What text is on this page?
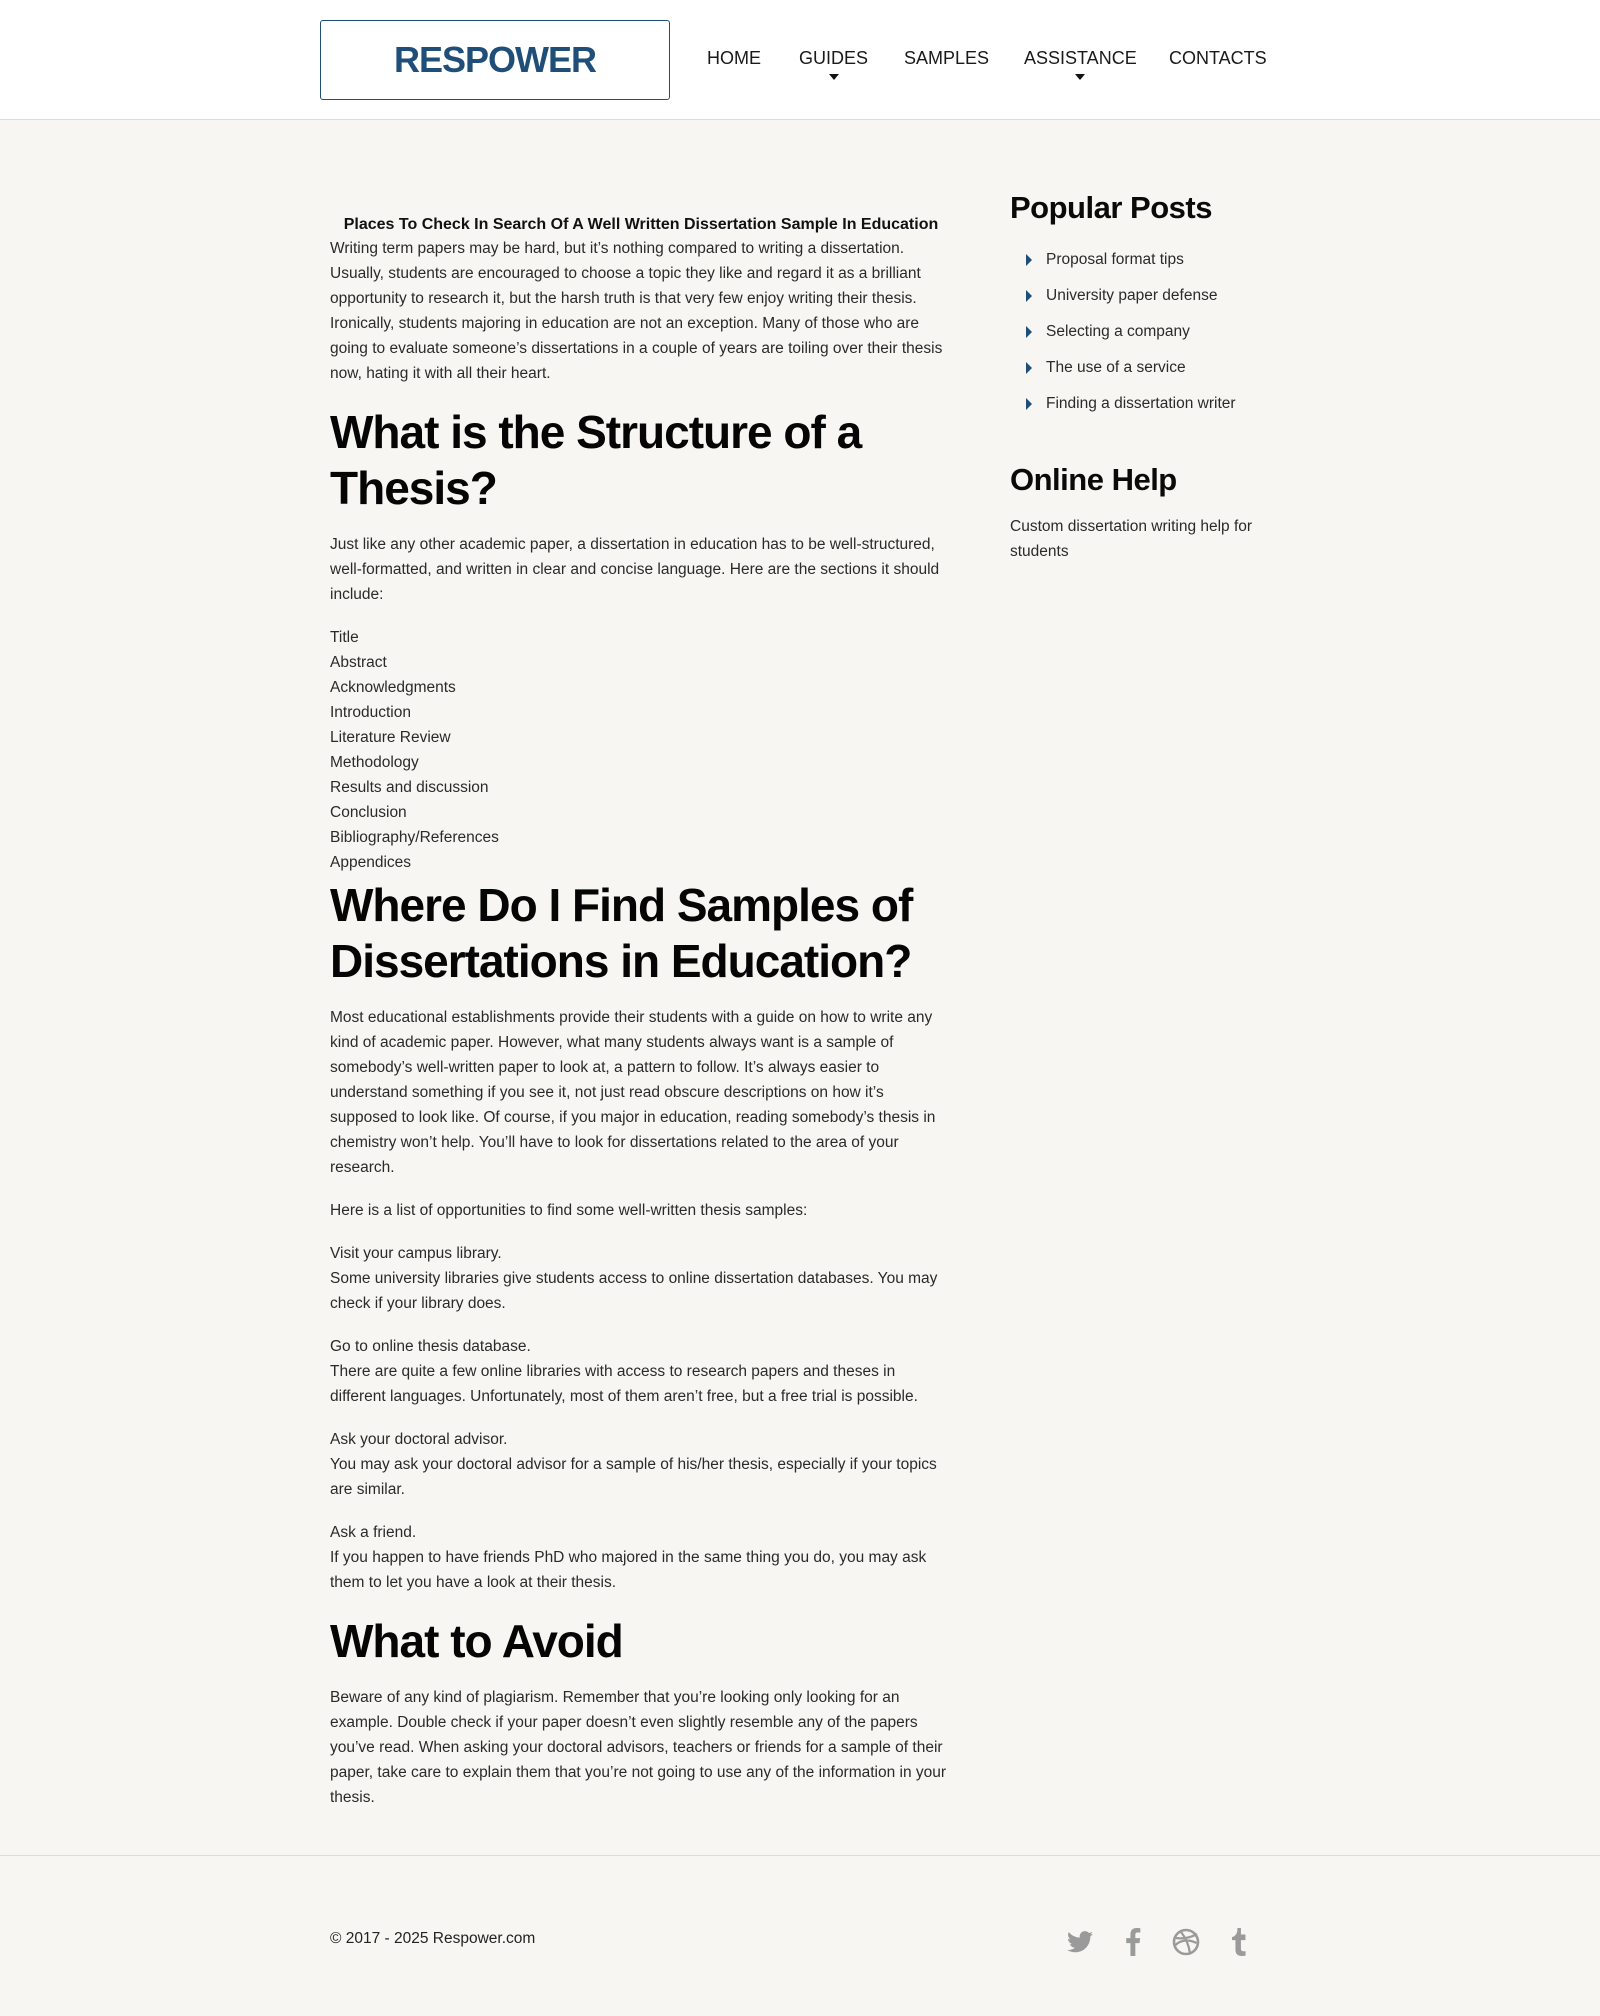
RESPOWER	HOME GUIDES SAMPLES ASSISTANCE CONTACTS
Places To Check In Search Of A Well Written Dissertation Sample In Education

Writing term papers may be hard, but it’s nothing compared to writing a dissertation. Usually, students are encouraged to choose a topic they like and regard it as a brilliant opportunity to research it, but the harsh truth is that very few enjoy writing their thesis. Ironically, students majoring in education are not an exception. Many of those who are going to evaluate someone’s dissertations in a couple of years are toiling over their thesis now, hating it with all their heart.

What is the Structure of a Thesis?

Just like any other academic paper, a dissertation in education has to be well-structured, well-formatted, and written in clear and concise language. Here are the sections it should include:

Title
Abstract
Acknowledgments
Introduction
Literature Review
Methodology
Results and discussion
Conclusion
Bibliography/References
Appendices
Where Do I Find Samples of Dissertations in Education?

Most educational establishments provide their students with a guide on how to write any kind of academic paper. However, what many students always want is a sample of somebody’s well-written paper to look at, a pattern to follow. It’s always easier to understand something if you see it, not just read obscure descriptions on how it’s supposed to look like. Of course, if you major in education, reading somebody’s thesis in chemistry won’t help. You’ll have to look for dissertations related to the area of your research.

Here is a list of opportunities to find some well-written thesis samples:

Visit your campus library.
Some university libraries give students access to online dissertation databases. You may check if your library does.
Go to online thesis database.
There are quite a few online libraries with access to research papers and theses in different languages. Unfortunately, most of them aren’t free, but a free trial is possible.
Ask your doctoral advisor.
You may ask your doctoral advisor for a sample of his/her thesis, especially if your topics are similar.
Ask a friend.
If you happen to have friends PhD who majored in the same thing you do, you may ask them to let you have a look at their thesis.
What to Avoid

Beware of any kind of plagiarism. Remember that you’re looking only looking for an example. Double check if your paper doesn’t even slightly resemble any of the papers you’ve read. When asking your doctoral advisors, teachers or friends for a sample of their paper, take care to explain them that you’re not going to use any of the information in your thesis.

Popular Posts
Proposal format tips
University paper defense
Selecting a company
The use of a service
Finding a dissertation writer
Online Help
Custom dissertation writing help for students
© 2017 - 2025 Respower.com
